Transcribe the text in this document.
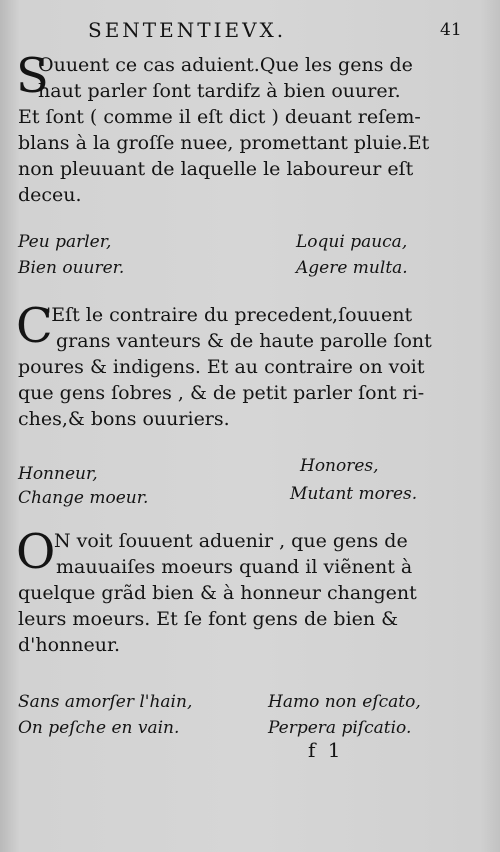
SENTENTIEVX.	41
S
Ouuent ce cas aduient.Que les gens de
haut parler ſont tardifz à bien ouurer.
Et ſont ( comme il eſt dict ) deuant reſem-
blans à la groſſe nuee, promettant pluie.Et
non pleuuant de laquelle le laboureur eſt
deceu.
Peu parler,
Bien ouurer.
Loqui pauca,
Agere multa.
C
'Eſt le contraire du precedent,ſouuent
grans vanteurs & de haute parolle ſont
poures & indigens. Et au contraire on voit
que gens ſobres , & de petit parler ſont ri-
ches,& bons ouuriers.
Honneur,
Change moeur.
Honores,
Mutant mores.
O
N voit ſouuent aduenir , que gens de
mauuaiſes moeurs quand il viẽnent à
quelque grãd bien & à honneur changent
leurs moeurs. Et ſe font gens de bien &
d'honneur.
Sans amorſer l'hain,
On peſche en vain.
Hamo non eſcato,
Perpera piſcatio.
f 1
